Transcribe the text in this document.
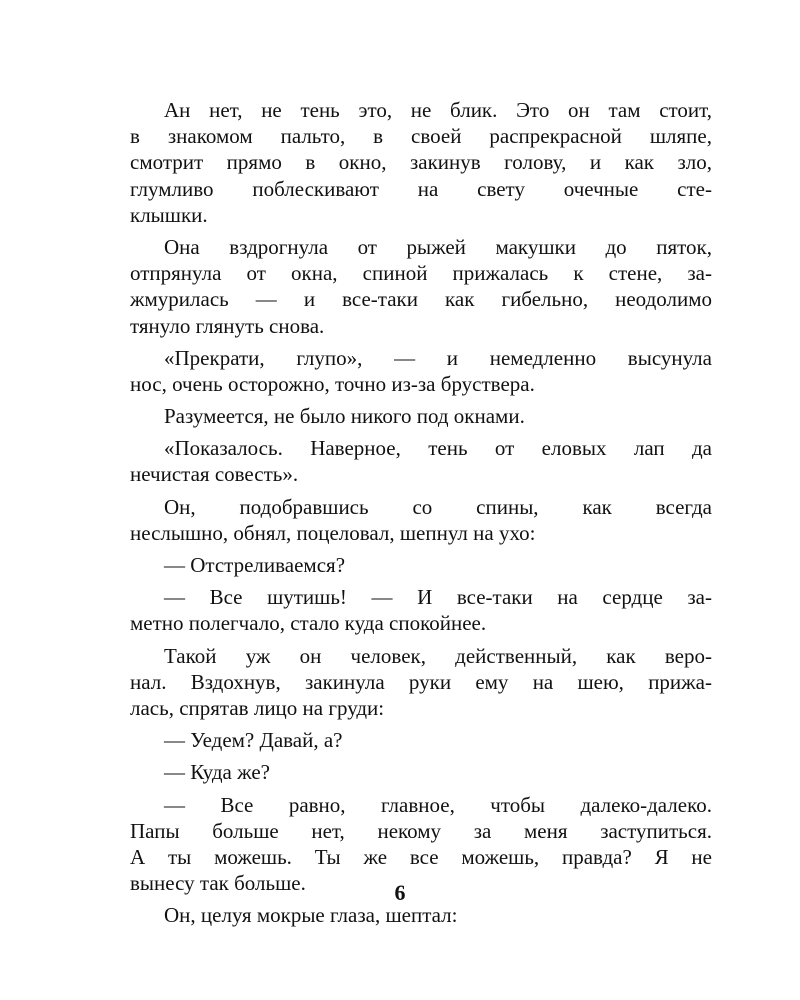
Ан нет, не тень это, не блик. Это он там стоит,
в знакомом пальто, в своей распрекрасной шляпе,
смотрит прямо в окно, закинув голову, и как зло,
глумливо поблескивают на свету очечные сте-
клышки.
Она вздрогнула от рыжей макушки до пяток,
отпрянула от окна, спиной прижалась к стене, за-
жмурилась — и все-таки как гибельно, неодолимо
тянуло глянуть снова.
«Прекрати, глупо», — и немедленно высунула
нос, очень осторожно, точно из-за бруствера.
Разумеется, не было никого под окнами.
«Показалось. Наверное, тень от еловых лап да
нечистая совесть».
Он, подобравшись со спины, как всегда
неслышно, обнял, поцеловал, шепнул на ухо:
— Отстреливаемся?
— Все шутишь! — И все-таки на сердце за-
метно полегчало, стало куда спокойнее.
Такой уж он человек, действенный, как веро-
нал. Вздохнув, закинула руки ему на шею, прижа-
лась, спрятав лицо на груди:
— Уедем? Давай, а?
— Куда же?
— Все равно, главное, чтобы далеко-далеко.
Папы больше нет, некому за меня заступиться.
А ты можешь. Ты же все можешь, правда? Я не
вынесу так больше.
Он, целуя мокрые глаза, шептал:
6
